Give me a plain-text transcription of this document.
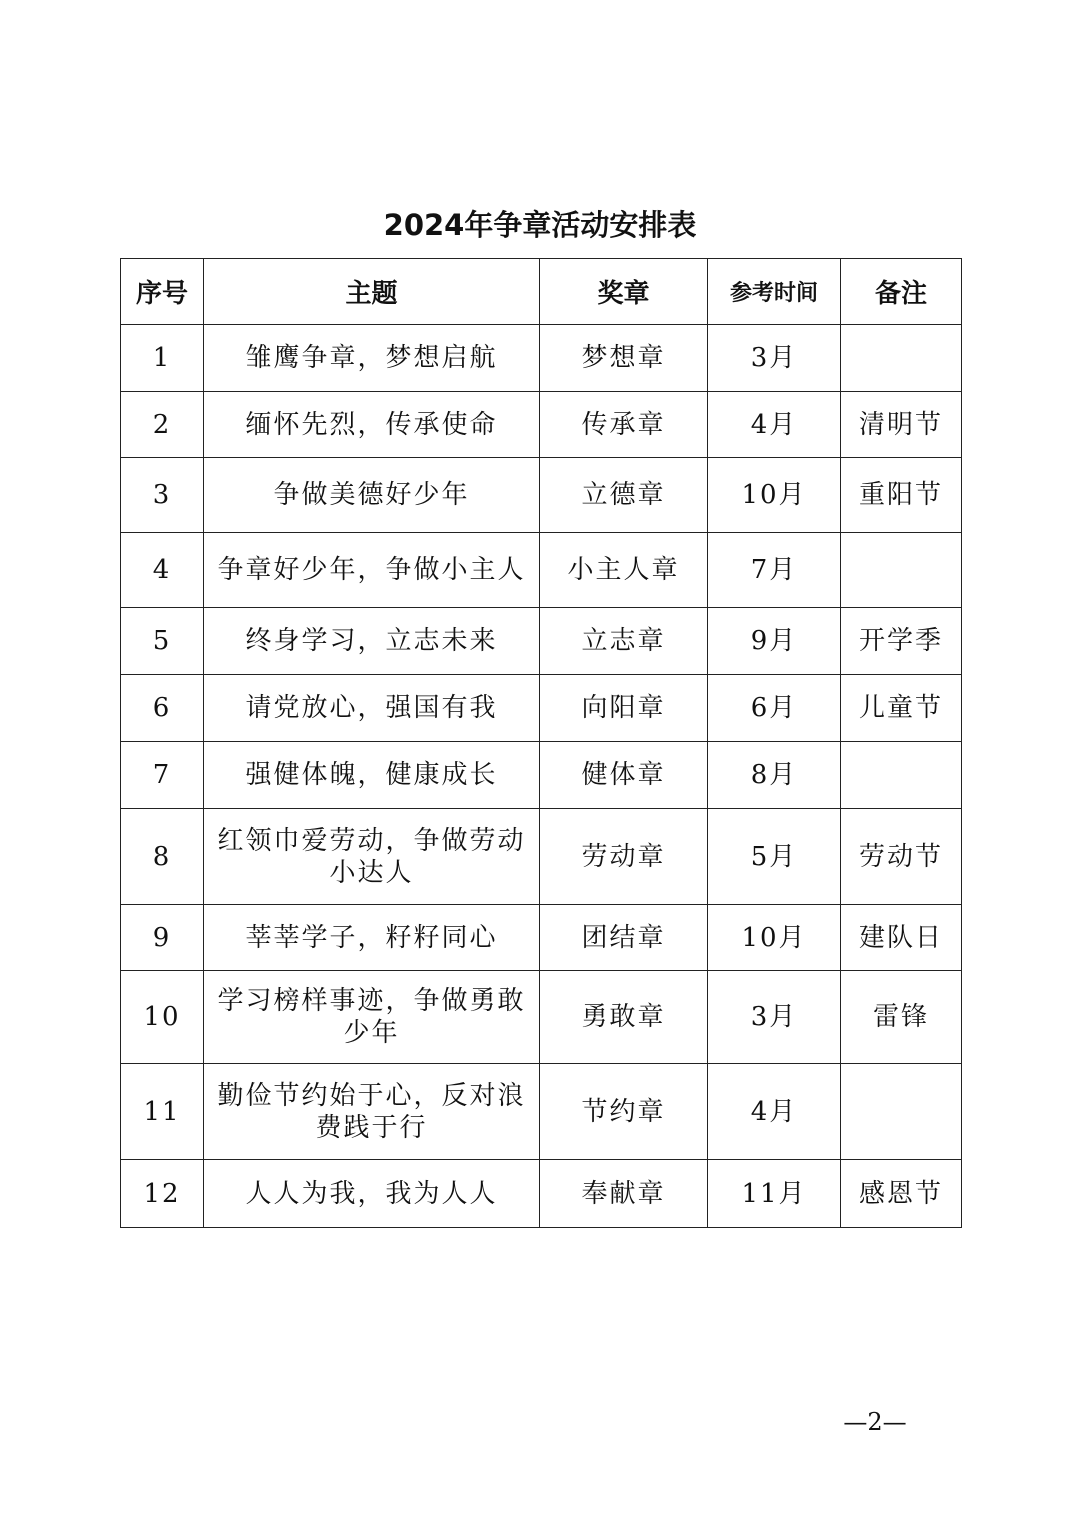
2024年争章活动安排表
序号	主题	奖章	参考时间	备注
1	雏鹰争章，梦想启航	梦想章	3月	
2	缅怀先烈，传承使命	传承章	4月	清明节
3	争做美德好少年	立德章	10月	重阳节
4	争章好少年，争做小主人	小主人章	7月	
5	终身学习，立志未来	立志章	9月	开学季
6	请党放心，强国有我	向阳章	6月	儿童节
7	强健体魄，健康成长	健体章	8月	
8	红领巾爱劳动，争做劳动小达人	劳动章	5月	劳动节
9	莘莘学子，籽籽同心	团结章	10月	建队日
10	学习榜样事迹，争做勇敢少年	勇敢章	3月	雷锋
11	勤俭节约始于心，反对浪费践于行	节约章	4月	
12	人人为我，我为人人	奉献章	11月	感恩节
—2—
